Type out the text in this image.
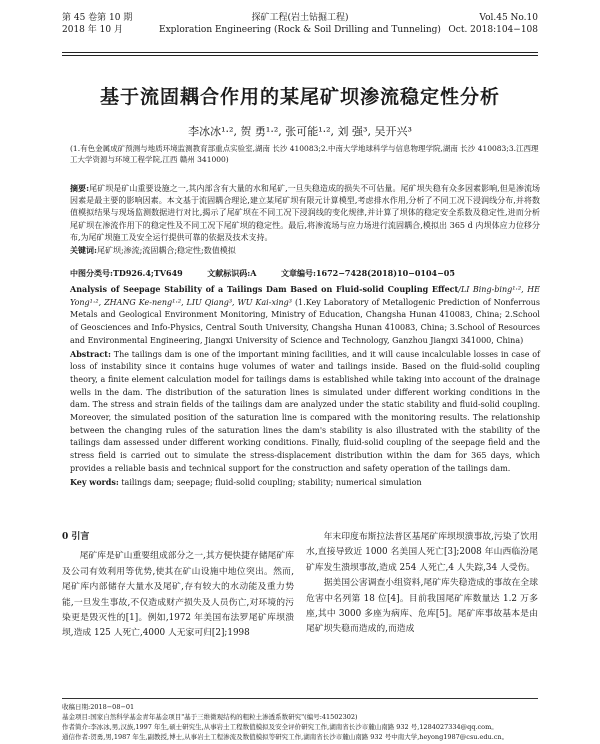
第 45 卷第 10 期
2018 年 10 月
探矿工程(岩土钻掘工程)
Exploration Engineering (Rock & Soil Drilling and Tunneling)
Vol.45 No.10
Oct. 2018:104−108
基于流固耦合作用的某尾矿坝渗流稳定性分析
李冰冰¹·², 贺 勇¹·², 张可能¹·², 刘 强³, 吴开兴³
(1.有色金属成矿预测与地质环境监测教育部重点实验室,湖南 长沙 410083;2.中南大学地球科学与信息物理学院,湖南 长沙 410083;3.江西理工大学资源与环境工程学院,江西 赣州 341000)
摘要:尾矿坝是矿山重要设施之一,其内部含有大量的水和尾矿,一旦失稳造成的损失不可估量。尾矿坝失稳有众多因素影响,但是渗流场因素是最主要的影响因素。本文基于流固耦合理论,建立某尾矿坝有限元计算模型,考虑排水作用,分析了不同工况下浸润线分布,并将数值模拟结果与现场监测数据进行对比,揭示了尾矿坝在不同工况下浸润线的变化规律,并计算了坝体的稳定安全系数及稳定性,进而分析尾矿坝在渗流作用下的稳定性及不同工况下尾矿坝的稳定性。最后,将渗流场与应力场进行流固耦合,模拟出 365 d 内坝体应力位移分布,为尾矿坝施工及安全运行提供可靠的依据及技术支持。
关键词:尾矿坝;渗流;流固耦合;稳定性;数值模拟
中图分类号:TD926.4;TV649	文献标识码:A	文章编号:1672−7428(2018)10−0104−05
Analysis of Seepage Stability of a Tailings Dam Based on Fluid-solid Coupling Effect/LI Bing-bing¹·², HE Yong¹·², ZHANG Ke-neng¹·², LIU Qiang³, WU Kai-xing³ (1.Key Laboratory of Metallogenic Prediction of Nonferrous Metals and Geological Environment Monitoring, Ministry of Education, Changsha Hunan 410083, China; 2.School of Geosciences and Info-Physics, Central South University, Changsha Hunan 410083, China; 3.School of Resources and Environmental Engineering, Jiangxi University of Science and Technology, Ganzhou Jiangxi 341000, China)
Abstract: The tailings dam is one of the important mining facilities, and it will cause incalculable losses in case of loss of instability since it contains huge volumes of water and tailings inside. Based on the fluid-solid coupling theory, a finite element calculation model for tailings dams is established while taking into account of the drainage wells in the dam. The distribution of the saturation lines is simulated under different working conditions in the dam. The stress and strain fields of the tailings dam are analyzed under the static stability and fluid-solid coupling. Moreover, the simulated position of the saturation line is compared with the monitoring results. The relationship between the changing rules of the saturation lines the dam's stability is also illustrated with the stability of the tailings dam assessed under different working conditions. Finally, fluid-solid coupling of the seepage field and the stress field is carried out to simulate the stress-displacement distribution within the dam for 365 days, which provides a reliable basis and technical support for the construction and safety operation of the tailings dam.
Key words: tailings dam; seepage; fluid-solid coupling; stability; numerical simulation
0 引言

尾矿库是矿山重要组成部分之一,其方便快捷存储尾矿库及公司有效利用等优势,使其在矿山设施中地位突出。然而,尾矿库内部储存大量水及尾矿,存有较大的水动能及重力势能,一旦发生事故,不仅造成财产损失及人员伤亡,对环境的污染更是毁灭性的[1]。例如,1972 年美国布法罗尾矿库坝溃坝,造成 125 人死亡,4000 人无家可归[2];1998

年末印度布斯拉法普区基尾矿库坝坝溃事故,污染了饮用水,直接导致近 1000 名美国人死亡[3];2008 年山西临汾尾矿库发生溃坝事故,造成 254 人死亡,4 人失踪,34 人受伤。

据美国公害调查小组资料,尾矿库失稳造成的事故在全球危害中名列第 18 位[4]。目前我国尾矿库数量达 1.2 万多座,其中 3000 多座为病库、危库[5]。尾矿库事故基本是由尾矿坝失稳而造成的,而造成

收稿日期:2018−08−01
基金项目:国家自然科学基金青年基金项目"基于三维微观结构的粗粒土渗透系数研究"(编号:41502302)
作者简介:李冰冰,男,汉族,1997 年生,硕士研究生,从事岩土工程数值模拟及安全评价研究工作,湖南省长沙市麓山南路 932 号,1284027334@qq.com。
通信作者:贺勇,男,1987 年生,副教授,博士,从事岩土工程渗流及数值模拟等研究工作,湖南省长沙市麓山南路 932 号中南大学,heyong1987@csu.edu.cn。
